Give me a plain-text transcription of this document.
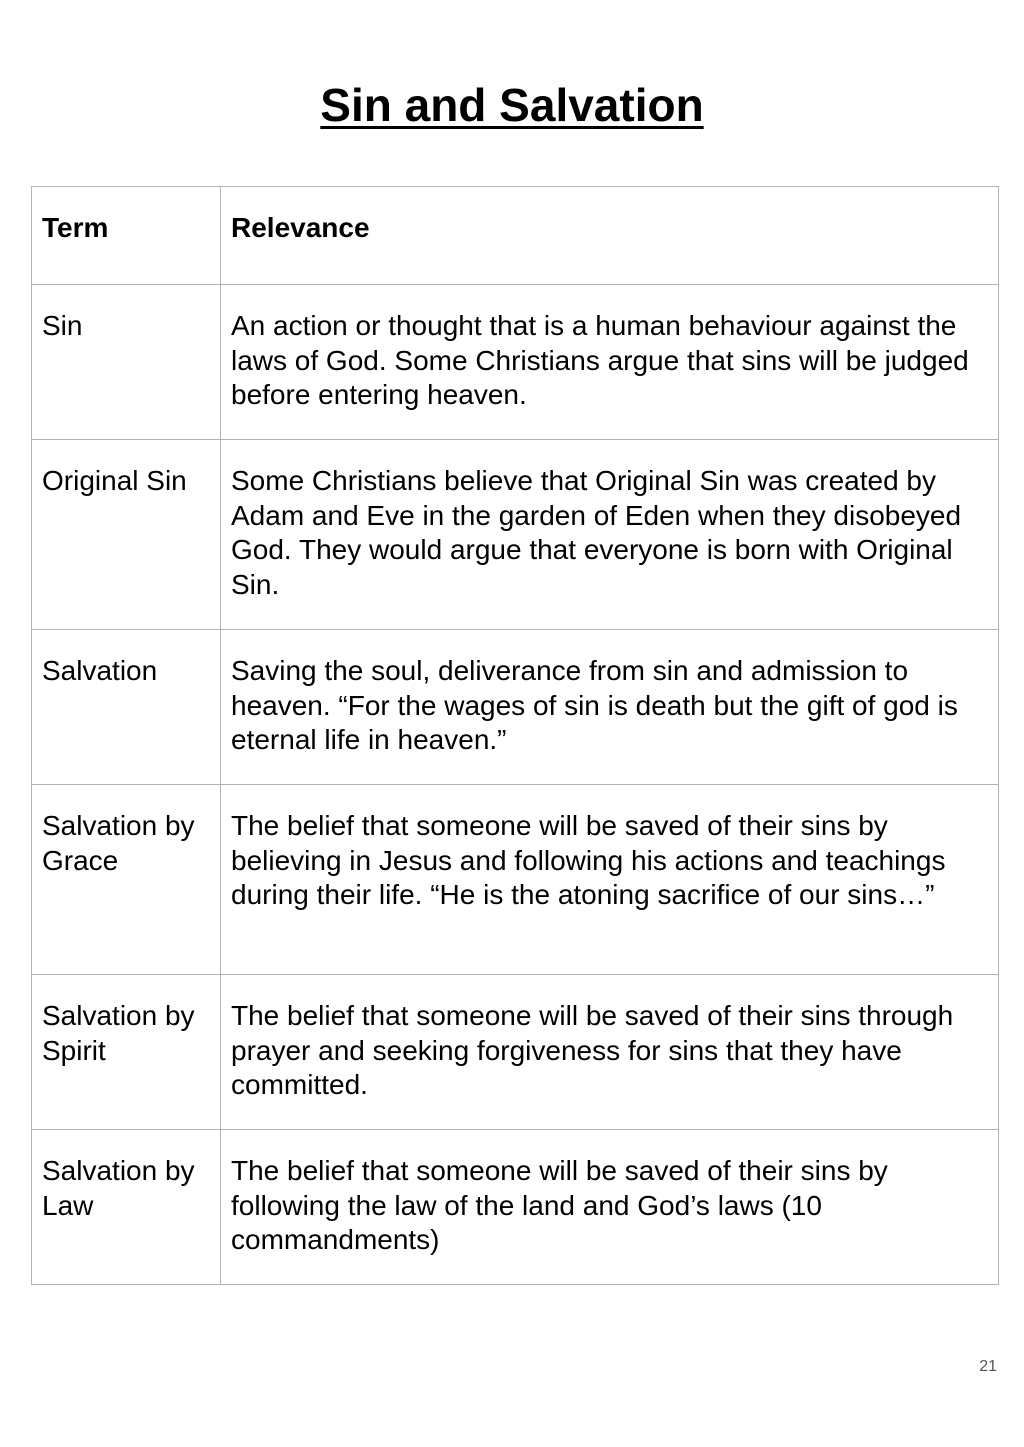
Sin and Salvation
Term	Relevance
Sin	An action or thought that is a human behaviour against the laws of God. Some Christians argue that sins will be judged before entering heaven.
Original Sin	Some Christians believe that Original Sin was created by Adam and Eve in the garden of Eden when they disobeyed God. They would argue that everyone is born with Original Sin.
Salvation	Saving the soul, deliverance from sin and admission to heaven. “For the wages of sin is death but the gift of god is eternal life in heaven.”
Salvation by Grace	The belief that someone will be saved of their sins by believing in Jesus and following his actions and teachings during their life. “He is the atoning sacrifice of our sins…”
Salvation by Spirit	The belief that someone will be saved of their sins through prayer and seeking forgiveness for sins that they have committed.
Salvation by Law	The belief that someone will be saved of their sins by following the law of the land and God’s laws (10 commandments)
21
